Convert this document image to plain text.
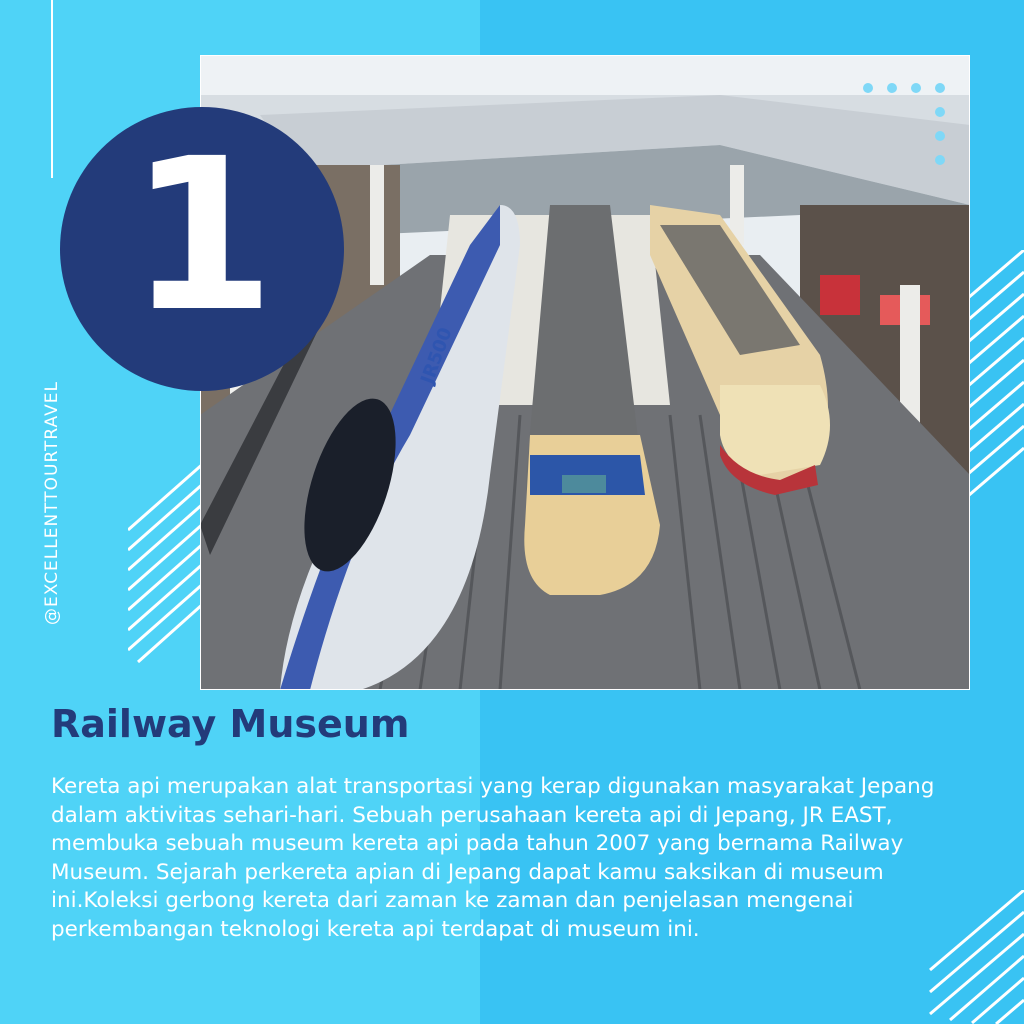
JR500
1
@EXCELLENTTOURTRAVEL
Railway Museum
Kereta api merupakan alat transportasi yang kerap digunakan masyarakat Jepang dalam aktivitas sehari-hari. Sebuah perusahaan kereta api di Jepang, JR EAST, membuka sebuah museum kereta api pada tahun 2007 yang bernama Railway Museum. Sejarah perkereta apian di Jepang dapat kamu saksikan di museum ini.Koleksi gerbong kereta dari zaman ke zaman dan penjelasan mengenai perkembangan teknologi kereta api terdapat di museum ini.
